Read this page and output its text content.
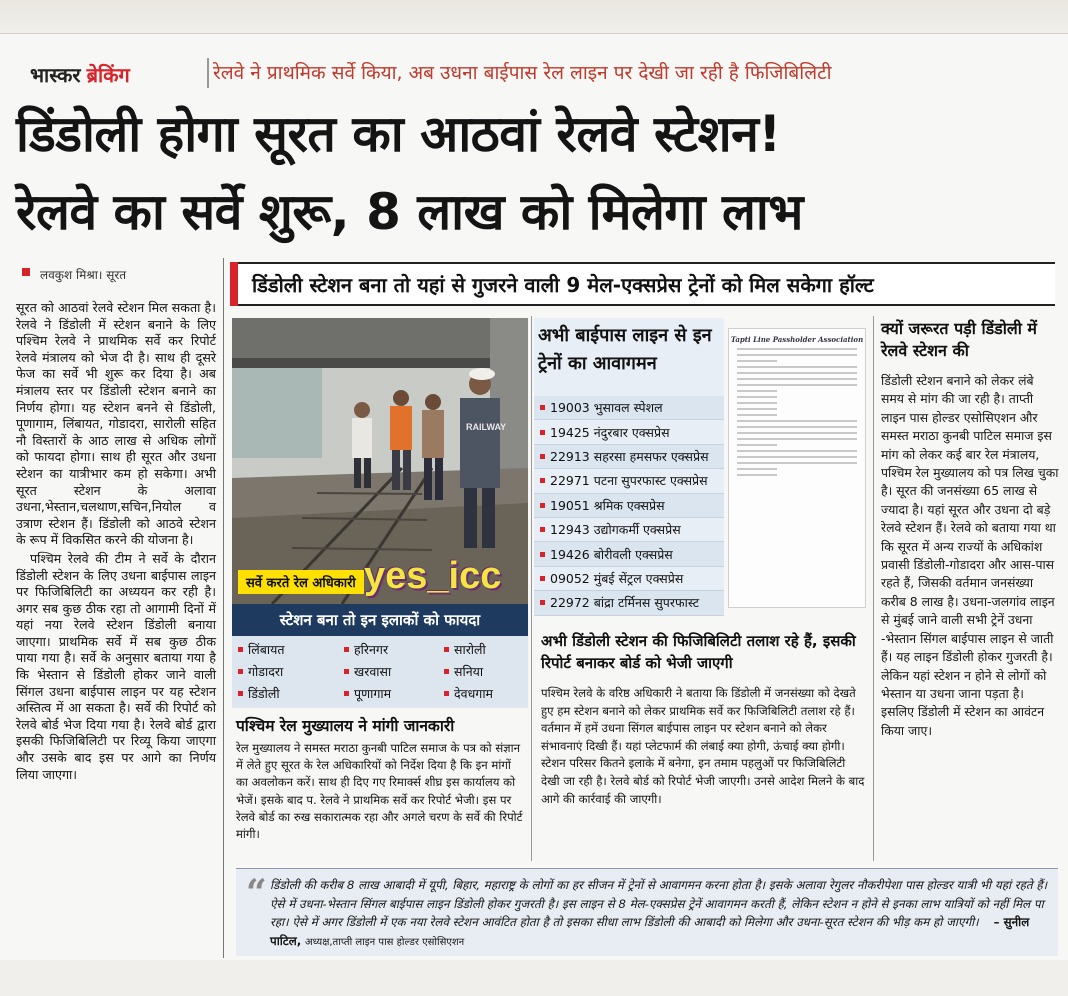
भास्कर ब्रेकिंग	रेलवे ने प्राथमिक सर्वे किया, अब उधना बाईपास रेल लाइन पर देखी जा रही है फिजिबिलिटी
डिंडोली होगा सूरत का आठवां रेलवे स्टेशन!
रेलवे का सर्वे शुरू, 8 लाख को मिलेगा लाभ
लवकुश मिश्रा। सूरत	डिंडोली स्टेशन बना तो यहां से गुजरने वाली 9 मेल-एक्सप्रेस ट्रेनों को मिल सकेगा हॉल्ट

सूरत को आठवां रेलवे स्टेशन मिल सकता है। रेलवे ने डिंडोली में स्टेशन बनाने के लिए पश्चिम रेलवे ने प्राथमिक सर्वे कर रिपोर्ट रेलवे मंत्रालय को भेज दी है। साथ ही दूसरे फेज का सर्वे भी शुरू कर दिया है। अब मंत्रालय स्तर पर डिंडोली स्टेशन बनाने का निर्णय होगा। यह स्टेशन बनने से डिंडोली, पूणागाम, लिंबायत, गोडादरा, सारोली सहित नौ विस्तारों के आठ लाख से अधिक लोगों को फायदा होगा। साथ ही सूरत और उधना स्टेशन का यात्रीभार कम हो सकेगा। अभी सूरत स्टेशन के अलावा उधना,भेस्तान,चलथाण,सचिन,नियोल व उत्राण स्टेशन हैं। डिंडोली को आठवे स्टेशन के रूप में विकसित करने की योजना है।

पश्चिम रेलवे की टीम ने सर्वे के दौरान डिंडोली स्टेशन के लिए उधना बाईपास लाइन पर फिजिबिलिटी का अध्ययन कर रही है। अगर सब कुछ ठीक रहा तो आगामी दिनों में यहां नया रेलवे स्टेशन डिंडोली बनाया जाएगा। प्राथमिक सर्वे में सब कुछ ठीक पाया गया है। सर्वे के अनुसार बताया गया है कि भेस्तान से डिंडोली होकर जाने वाली सिंगल उधना बाईपास लाइन पर यह स्टेशन अस्तित्व में आ सकता है। सर्वे की रिपोर्ट को रेलवे बोर्ड भेज दिया गया है। रेलवे बोर्ड द्वारा इसकी फिजिबिलिटी पर रिव्यू किया जाएगा और उसके बाद इस पर आगे का निर्णय लिया जाएगा।

RAILWAY
yes_icc
सर्वे करते रेल अधिकारी
अभी बाईपास लाइन से इन ट्रेनों का आवागमन
19003 भुसावल स्पेशल
19425 नंदुरबार एक्सप्रेस
22913 सहरसा हमसफर एक्सप्रेस
22971 पटना सुपरफास्ट एक्सप्रेस
19051 श्रमिक एक्सप्रेस
12943 उद्योगकर्मी एक्सप्रेस
19426 बोरीवली एक्सप्रेस
09052 मुंबई सेंट्रल एक्सप्रेस
22972 बांद्रा टर्मिनस सुपरफास्ट
Tapti Line Passholder Association
क्यों जरूरत पड़ी डिंडोली में रेलवे स्टेशन की
डिंडोली स्टेशन बनाने को लेकर लंबे समय से मांग की जा रही है। ताप्ती लाइन पास होल्डर एसोसिएशन और समस्त मराठा कुनबी पाटिल समाज इस मांग को लेकर कई बार रेल मंत्रालय, पश्चिम रेल मुख्यालय को पत्र लिख चुका है। सूरत की जनसंख्या 65 लाख से ज्यादा है। यहां सूरत और उधना दो बड़े रेलवे स्टेशन हैं। रेलवे को बताया गया था कि सूरत में अन्य राज्यों के अधिकांश प्रवासी डिंडोली-गोडादरा और आस-पास रहते हैं, जिसकी वर्तमान जनसंख्या करीब 8 लाख है। उधना-जलगांव लाइन से मुंबई जाने वाली सभी ट्रेनें उधना -भेस्तान सिंगल बाईपास लाइन से जाती हैं। यह लाइन डिंडोली होकर गुजरती है। लेकिन यहां स्टेशन न होने से लोगों को भेस्तान या उधना जाना पड़ता है। इसलिए डिंडोली में स्टेशन का आवंटन किया जाए।
स्टेशन बना तो इन इलाकों को फायदा
लिंबायत	हरिनगर	सारोली
गोडादरा	खरवासा	सनिया
डिंडोली	पूणागाम	देवधगाम
पश्चिम रेल मुख्यालय ने मांगी जानकारी
रेल मुख्यालय ने समस्त मराठा कुनबी पाटिल समाज के पत्र को संज्ञान में लेते हुए सूरत के रेल अधिकारियों को निर्देश दिया है कि इन मांगों का अवलोकन करें। साथ ही दिए गए रिमार्क्स शीघ्र इस कार्यालय को भेजें। इसके बाद प. रेलवे ने प्राथमिक सर्वे कर रिपोर्ट भेजी। इस पर रेलवे बोर्ड का रुख सकारात्मक रहा और अगले चरण के सर्वे की रिपोर्ट मांगी।
अभी डिंडोली स्टेशन की फिजिबिलिटी तलाश रहे हैं, इसकी रिपोर्ट बनाकर बोर्ड को भेजी जाएगी
पश्चिम रेलवे के वरिष्ठ अधिकारी ने बताया कि डिंडोली में जनसंख्या को देखते हुए हम स्टेशन बनाने को लेकर प्राथमिक सर्वे कर फिजिबिलिटी तलाश रहे हैं। वर्तमान में हमें उधना सिंगल बाईपास लाइन पर स्टेशन बनाने को लेकर संभावनाएं दिखी हैं। यहां प्लेटफार्म की लंबाई क्या होगी, ऊंचाई क्या होगी। स्टेशन परिसर कितने इलाके में बनेगा, इन तमाम पहलुओं पर फिजिबिलिटी देखी जा रही है। रेलवे बोर्ड को रिपोर्ट भेजी जाएगी। उनसे आदेश मिलने के बाद आगे की कार्रवाई की जाएगी।
“ डिंडोली की करीब 8 लाख आबादी में यूपी, बिहार, महाराष्ट्र के लोगों का हर सीजन में ट्रेनों से आवागमन करना होता है। इसके अलावा रेगुलर नौकरीपेशा पास होल्डर यात्री भी यहां रहते हैं। ऐसे में उधना-भेस्तान सिंगल बाईपास लाइन डिंडोली होकर गुजरती है। इस लाइन से 8 मेल-एक्सप्रेस ट्रेनें आवागमन करती हैं, लेकिन स्टेशन न होने से इनका लाभ यात्रियों को नहीं मिल पा रहा। ऐसे में अगर डिंडोली में एक नया रेलवे स्टेशन आवंटित होता है तो इसका सीधा लाभ डिंडोली की आबादी को मिलेगा और उधना-सूरत स्टेशन की भीड़ कम हो जाएगी। – सुनील पाटिल, अध्यक्ष,ताप्ती लाइन पास होल्डर एसोसिएशन
